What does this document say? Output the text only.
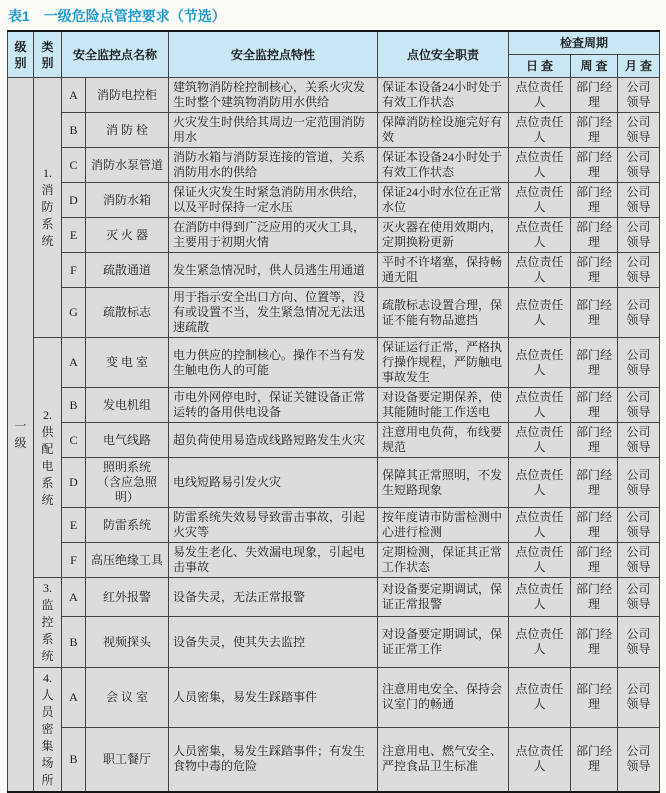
表1 一级危险点管控要求（节选）
级别	类别	安全监控点名称		安全监控点特性	点位安全职责	检查周期		
						日 查	周 查	月 查

一级	1.消防系统	A	消防电控柜	建筑物消防栓控制核心，关系火灾发生时整个建筑物消防用水供给	保证本设备24小时处于有效工作状态	点位责任人	部门经理	公司领导
		B	消 防 栓	火灾发生时供给其周边一定范围消防用水	保障消防栓设施完好有效	点位责任人	部门经理	公司领导
		C	消防水泵管道	消防水箱与消防泵连接的管道，关系消防用水的供给	保证本设备24小时处于有效工作状态	点位责任人	部门经理	公司领导
		D	消防水箱	保证火灾发生时紧急消防用水供给，以及平时保持一定水压	保证24小时水位在正常水位	点位责任人	部门经理	公司领导
		E	灭 火 器	在消防中得到广泛应用的灭火工具，主要用于初期火情	灭火器在使用效期内，定期换粉更新	点位责任人	部门经理	公司领导
		F	疏散通道	发生紧急情况时，供人员逃生用通道	平时不许堵塞，保持畅通无阻	点位责任人	部门经理	公司领导
		G	疏散标志	用于指示安全出口方向、位置等，没有或设置不当，发生紧急情况无法迅速疏散	疏散标志设置合理，保证不能有物品遮挡	点位责任人	部门经理	公司领导

	2.供配电系统	A	变 电 室	电力供应的控制核心。操作不当有发生触电伤人的可能	保证运行正常，严格执行操作规程，严防触电事故发生	点位责任人	部门经理	公司领导
		B	发电机组	市电外网停电时，保证关键设备正常运转的备用供电设备	对设备要定期保养，使其能随时能工作送电	点位责任人	部门经理	公司领导
		C	电气线路	超负荷使用易造成线路短路发生火灾	注意用电负荷，布线要规范	点位责任人	部门经理	公司领导
		D	照明系统 （含应急照明）	电线短路易引发火灾	保障其正常照明，不发生短路现象	点位责任人	部门经理	公司领导
		E	防雷系统	防雷系统失效易导致雷击事故，引起火灾等	按年度请市防雷检测中心进行检测	点位责任人	部门经理	公司领导
		F	高压绝缘工具	易发生老化、失效漏电现象，引起电击事故	定期检测，保证其正常工作状态	点位责任人	部门经理	公司领导

	3.监控系统	A	红外报警	设备失灵，无法正常报警	对设备要定期调试，保证正常报警	点位责任人	部门经理	公司领导
		B	视频探头	设备失灵，使其失去监控	对设备要定期调试，保证正常工作	点位责任人	部门经理	公司领导

	4.人员密集场所	A	会 议 室	人员密集，易发生踩踏事件	注意用电安全、保持会议室门的畅通	点位责任人	部门经理	公司领导
		B	职工餐厅	人员密集，易发生踩踏事件；有发生食物中毒的危险	注意用电、燃气安全、严控食品卫生标准	点位责任人	部门经理	公司领导
